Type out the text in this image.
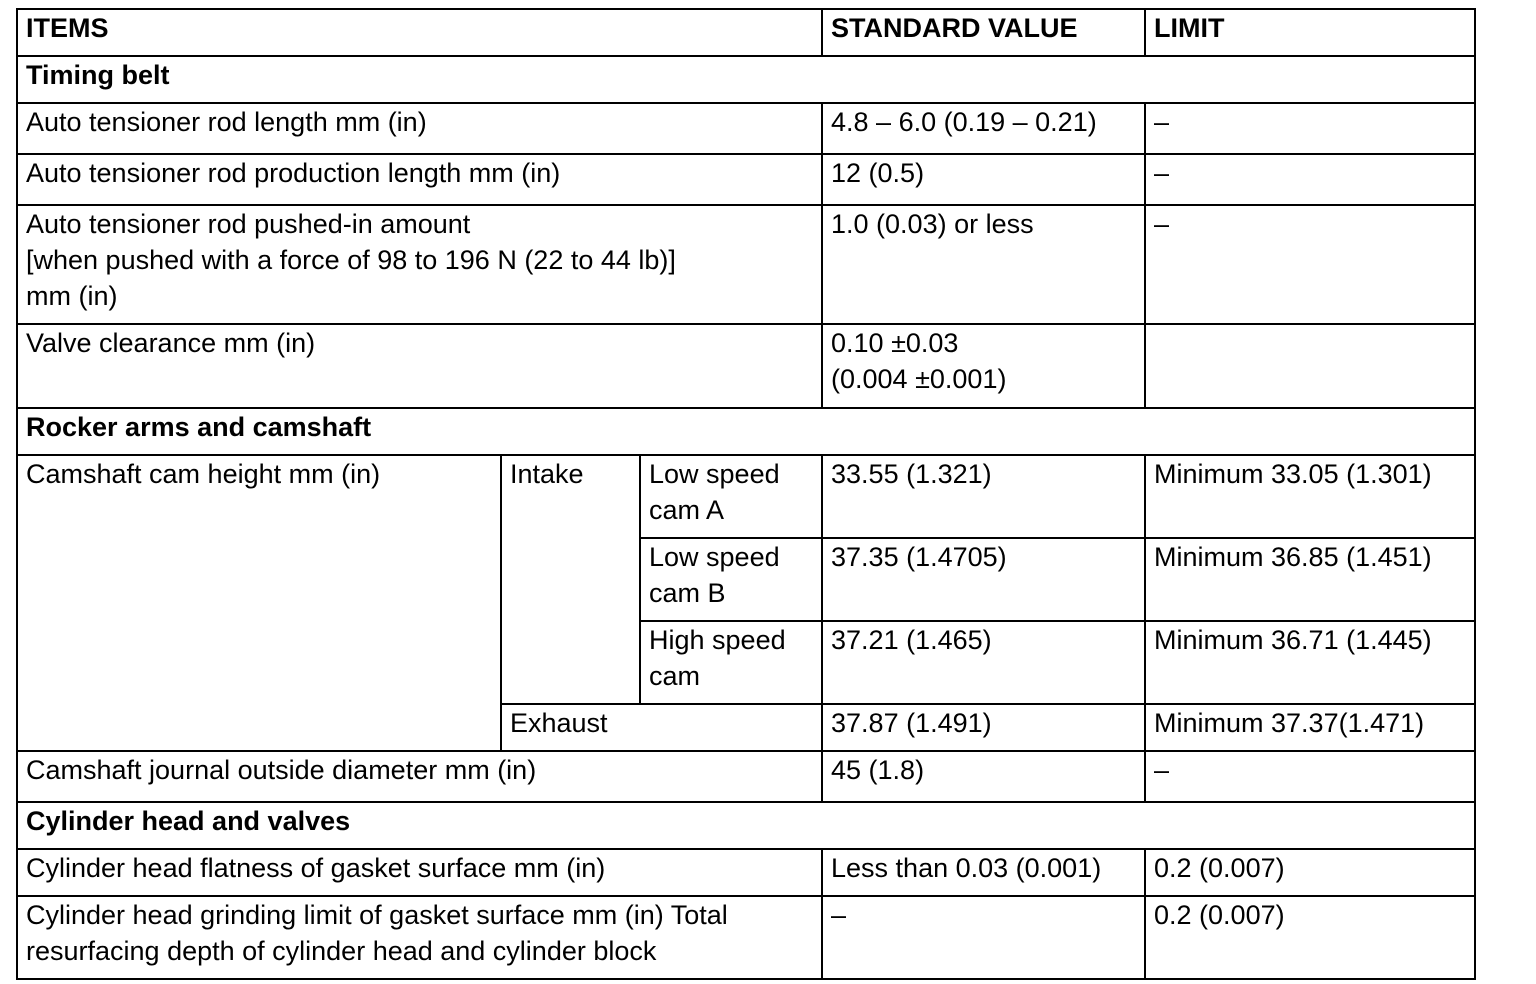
ITEMS			STANDARD VALUE	LIMIT
Timing belt				
Auto tensioner rod length mm (in)			4.8 – 6.0 (0.19 – 0.21)	–
Auto tensioner rod production length mm (in)			12 (0.5)	–

Auto tensioner rod pushed-in amount
[when pushed with a force of 98 to 196 N (22 to 44 lb)]
mm (in)			1.0 (0.03) or less	–
Valve clearance mm (in)			0.10 ±0.03
(0.004 ±0.001)	

Rocker arms and camshaft				
Camshaft cam height mm (in)	Intake	Low speed
cam A	33.55 (1.321)	Minimum 33.05 (1.301)

		Low speed
cam B	37.35 (1.4705)	Minimum 36.85 (1.451)

		High speed
cam	37.21 (1.465)	Minimum 36.71 (1.445)
	Exhaust		37.87 (1.491)	Minimum 37.37(1.471)
Camshaft journal outside diameter mm (in)			45 (1.8)	–
Cylinder head and valves				
Cylinder head flatness of gasket surface mm (in)			Less than 0.03 (0.001)	0.2 (0.007)

Cylinder head grinding limit of gasket surface mm (in) Total
resurfacing depth of cylinder head and cylinder block			–	0.2 (0.007)
